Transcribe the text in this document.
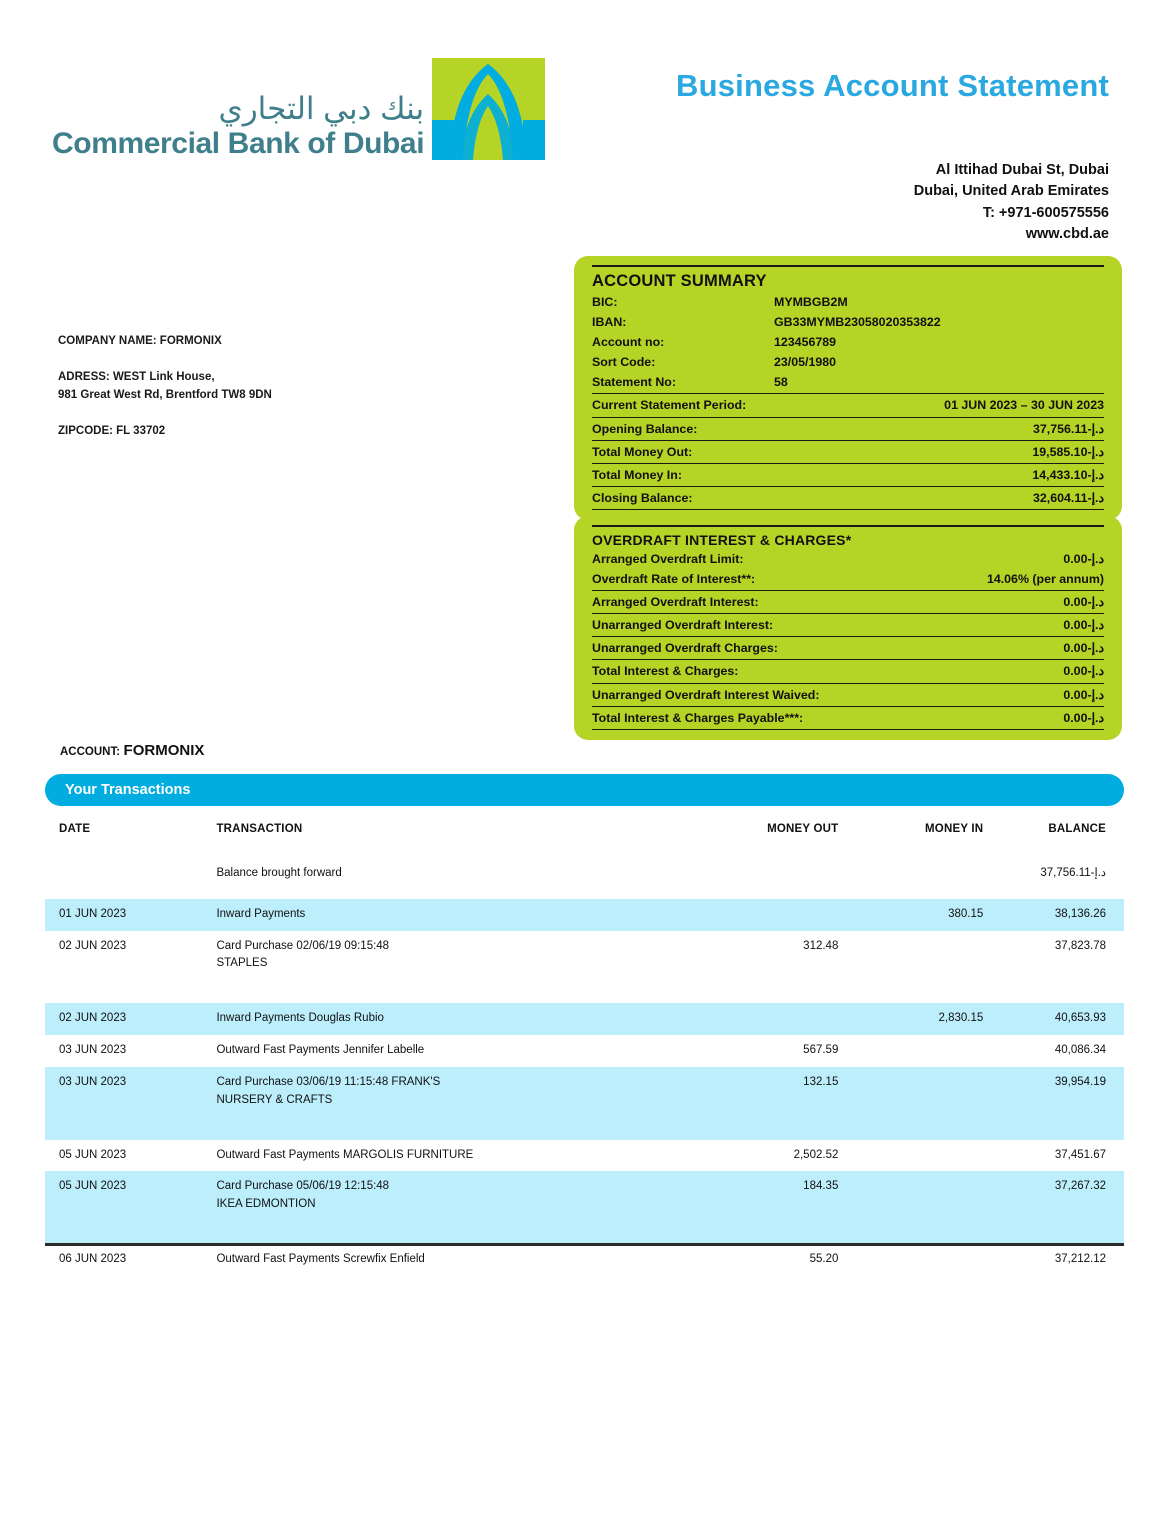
بنك دبي التجاري
Commercial Bank of Dubai
Business Account Statement
Al Ittihad Dubai St, Dubai
Dubai, United Arab Emirates
T: +971-600575556
www.cbd.ae
COMPANY NAME: FORMONIX
ADRESS: WEST Link House,
981 Great West Rd, Brentford TW8 9DN
ZIPCODE: FL 33702
ACCOUNT SUMMARY
BIC:	MYMBGB2M
IBAN:	GB33MYMB23058020353822
Account no:	123456789
Sort Code:	23/05/1980
Statement No:	58
Current Statement Period:	01 JUN 2023 – 30 JUN 2023
Opening Balance:	د.إ-37,756.11
Total Money Out:	د.إ-19,585.10
Total Money In:	د.إ-14,433.10
Closing Balance:	د.إ-32,604.11
OVERDRAFT INTEREST & CHARGES*
Arranged Overdraft Limit:	د.إ-0.00
Overdraft Rate of Interest**:	14.06% (per annum)
Arranged Overdraft Interest:	د.إ-0.00
Unarranged Overdraft Interest:	د.إ-0.00
Unarranged Overdraft Charges:	د.إ-0.00
Total Interest & Charges:	د.إ-0.00
Unarranged Overdraft Interest Waived:	د.إ-0.00
Total Interest & Charges Payable***:	د.إ-0.00
ACCOUNT: FORMONIX
Your Transactions
DATE	TRANSACTION	MONEY OUT	MONEY IN	BALANCE
	Balance brought forward			د.إ-37,756.11
01 JUN 2023	Inward Payments		380.15	38,136.26
02 JUN 2023	Card Purchase 02/06/19 09:15:48
STAPLES	312.48		37,823.78
02 JUN 2023	Inward Payments Douglas Rubio		2,830.15	40,653.93
03 JUN 2023	Outward Fast Payments Jennifer Labelle	567.59		40,086.34
03 JUN 2023	Card Purchase 03/06/19 11:15:48 FRANK'S
NURSERY & CRAFTS	132.15		39,954.19
05 JUN 2023	Outward Fast Payments MARGOLIS FURNITURE	2,502.52		37,451.67
05 JUN 2023	Card Purchase 05/06/19 12:15:48
IKEA EDMONTION	184.35		37,267.32
06 JUN 2023	Outward Fast Payments Screwfix Enfield	55.20		37,212.12
